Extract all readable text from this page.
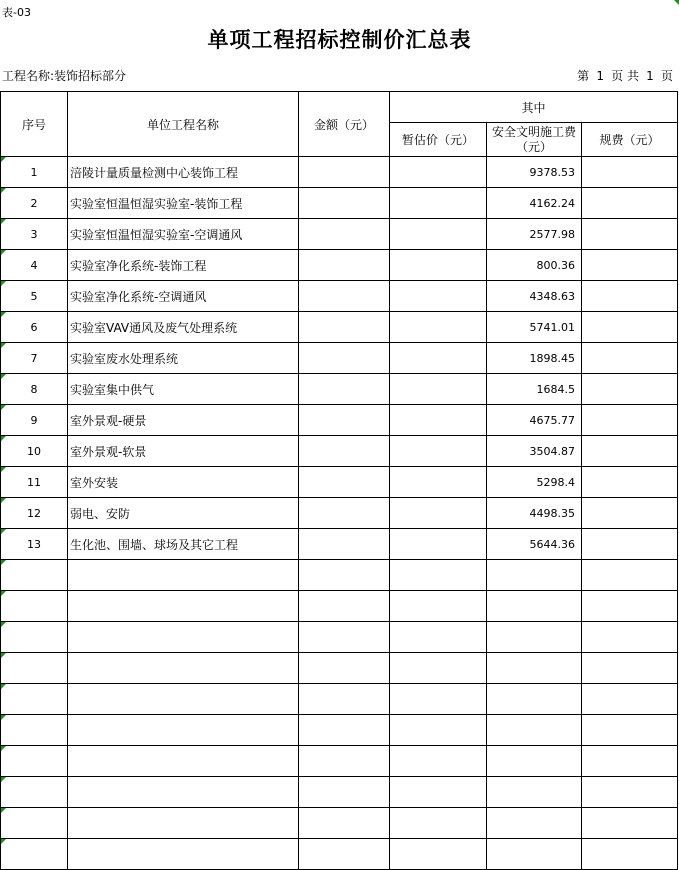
表-03
单项工程招标控制价汇总表
工程名称:装饰招标部分	第 1 页 共 1 页
序号	单位工程名称	金额（元）	其中		
			暂估价（元）	安全文明施工费（元）	规费（元）
1	涪陵计量质量检测中心装饰工程			9378.53	
2	实验室恒温恒湿实验室-装饰工程			4162.24	
3	实验室恒温恒湿实验室-空调通风			2577.98	
4	实验室净化系统-装饰工程			800.36	
5	实验室净化系统-空调通风			4348.63	
6	实验室VAV通风及废气处理系统			5741.01	
7	实验室废水处理系统			1898.45	
8	实验室集中供气			1684.5	
9	室外景观-硬景			4675.77	
10	室外景观-软景			3504.87	
11	室外安装			5298.4	
12	弱电、安防			4498.35	
13	生化池、围墙、球场及其它工程			5644.36	
